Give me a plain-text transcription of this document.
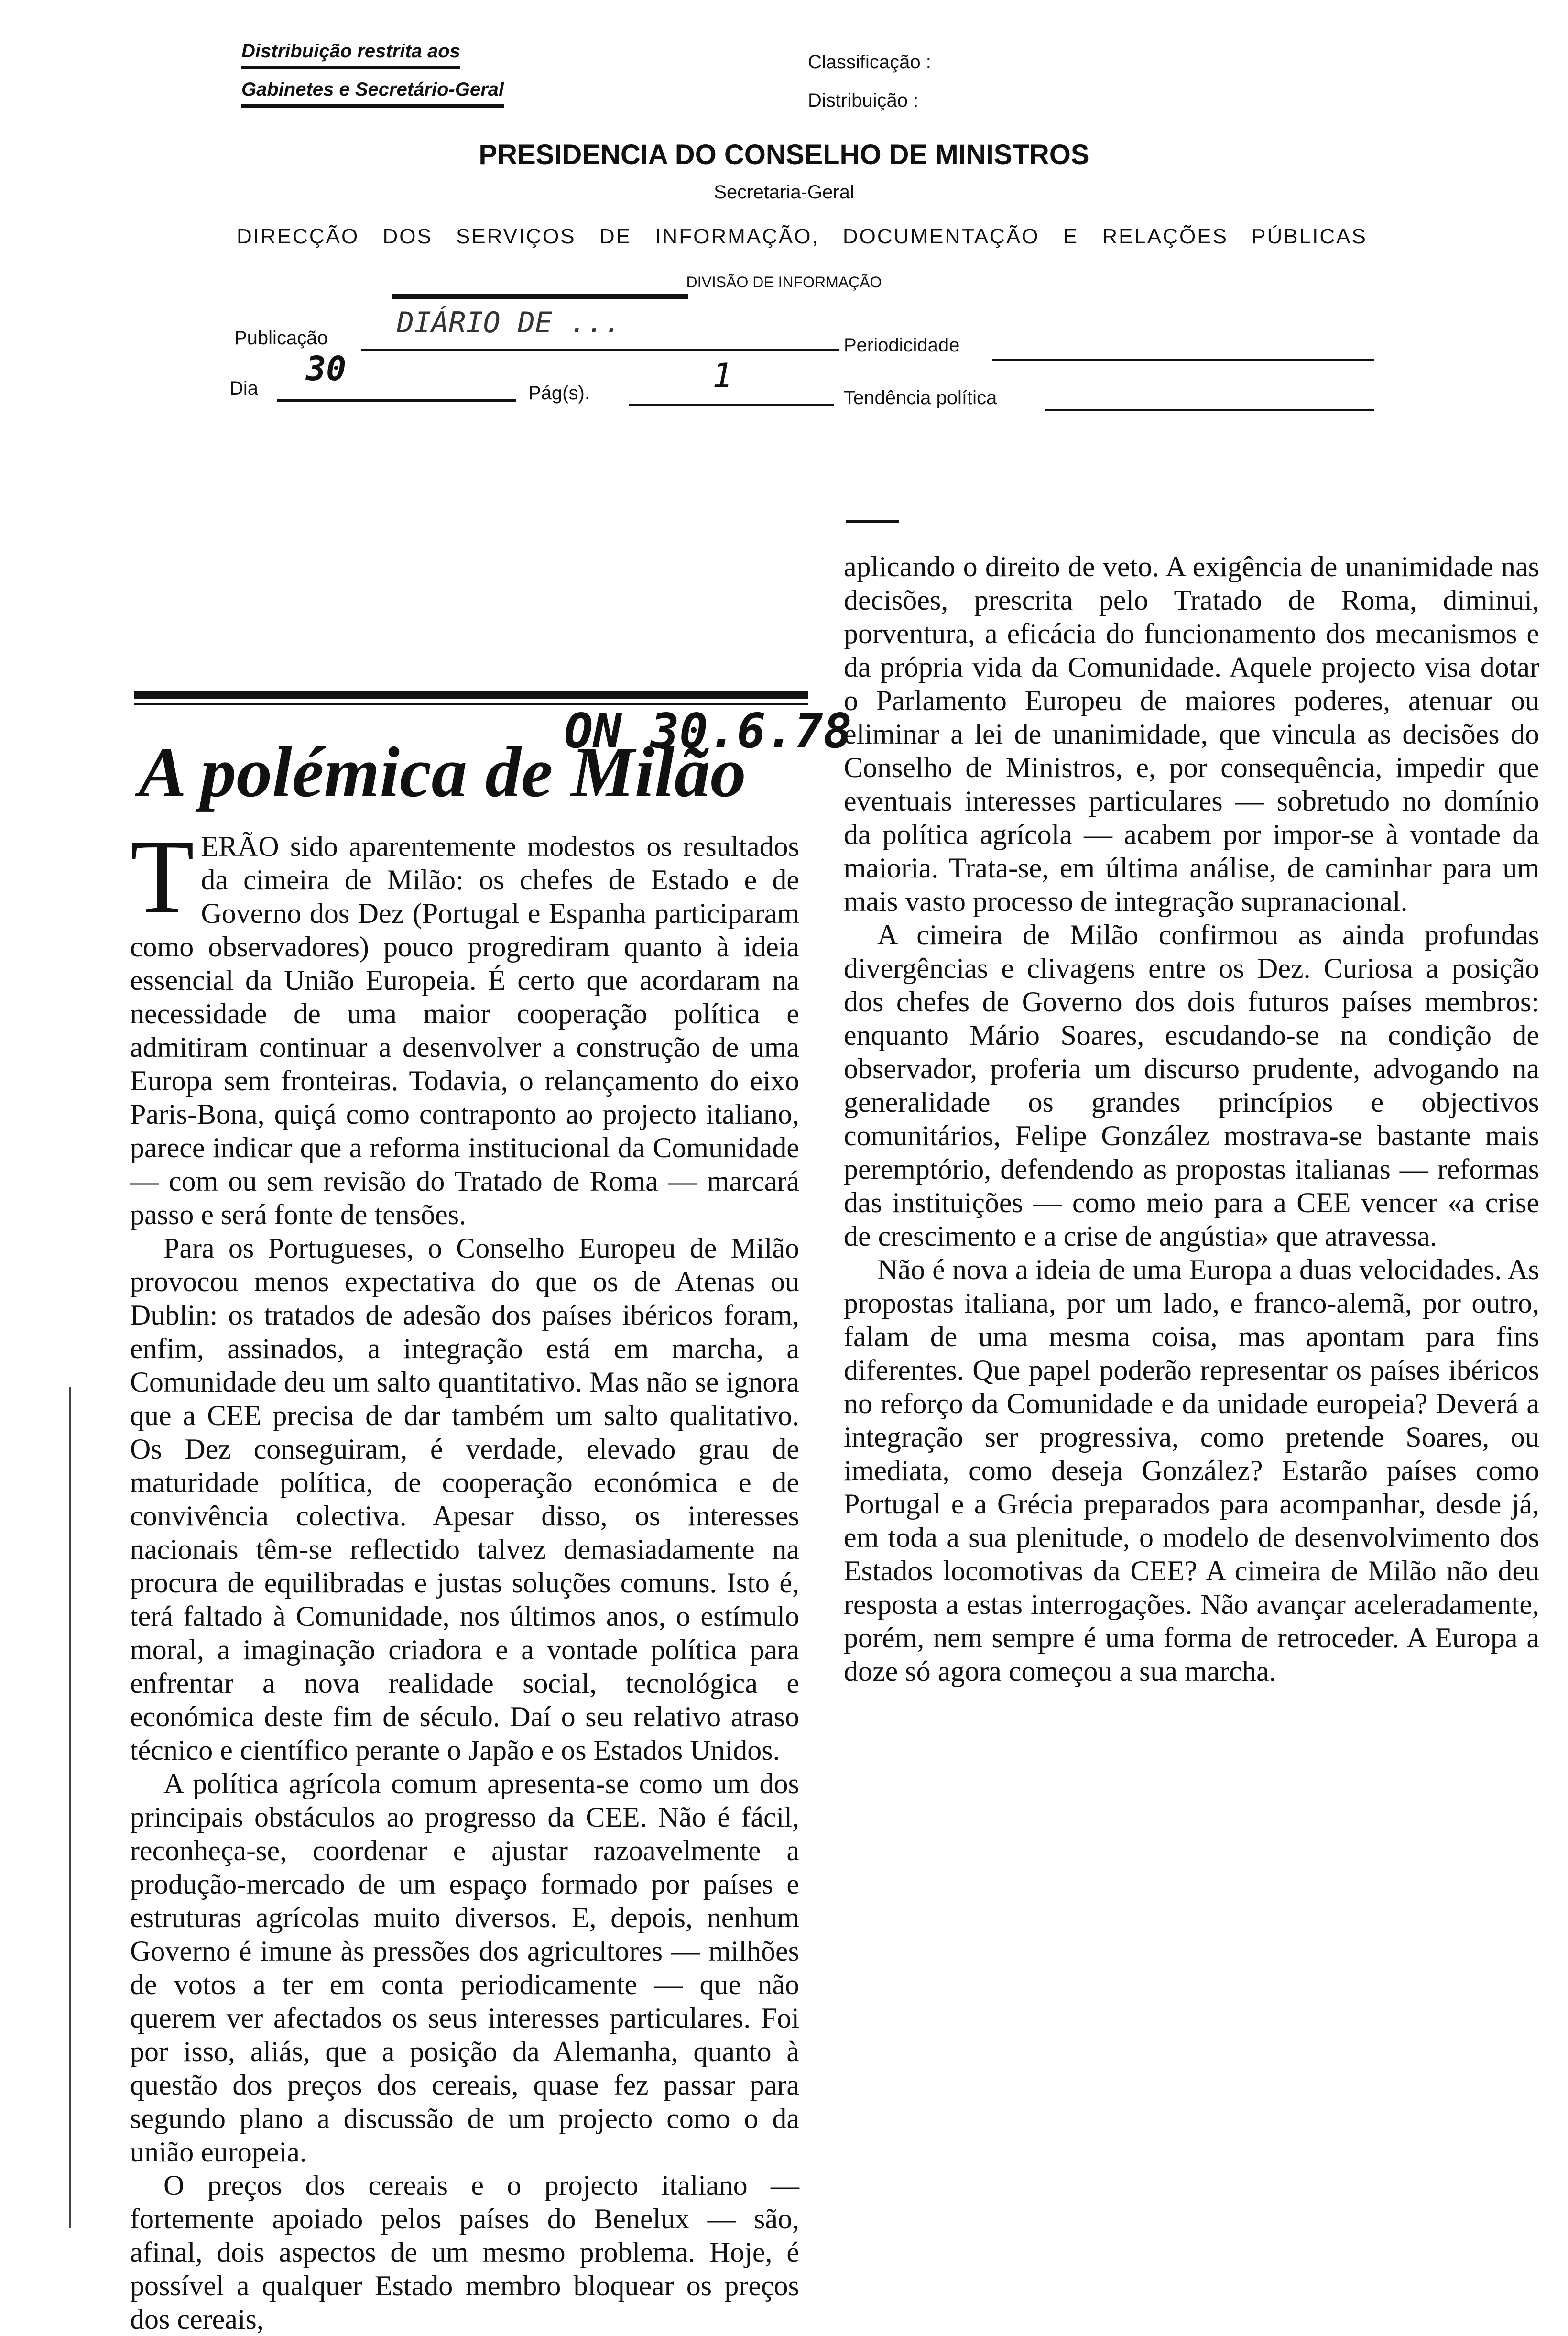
Distribuição restrita aos
Gabinetes e Secretário-Geral
Classificação :
Distribuição :
PRESIDENCIA DO CONSELHO DE MINISTROS
Secretaria-Geral
DIRECÇÃO DOS SERVIÇOS DE INFORMAÇÃO, DOCUMENTAÇÃO E RELAÇÕES PÚBLICAS
DIVISÃO DE INFORMAÇÃO
Publicação DIÁRIO DE ...
Periodicidade
Dia 30
Pág(s).	1
Tendência política
ON 30.6.78
A polémica de Milão

TERÃO sido aparentemente modestos os resultados da cimeira de Milão: os chefes de Estado e de Governo dos Dez (Portugal e Espanha participaram como observadores) pouco progrediram quanto à ideia essencial da União Europeia. É certo que acordaram na necessidade de uma maior cooperação política e admitiram continuar a desenvolver a construção de uma Europa sem fronteiras. Todavia, o relançamento do eixo Paris-Bona, quiçá como contraponto ao projecto italiano, parece indicar que a reforma institucional da Comunidade — com ou sem revisão do Tratado de Roma — marcará passo e será fonte de tensões.

Para os Portugueses, o Conselho Europeu de Milão provocou menos expectativa do que os de Atenas ou Dublin: os tratados de adesão dos países ibéricos foram, enfim, assinados, a integração está em marcha, a Comunidade deu um salto quantitativo. Mas não se ignora que a CEE precisa de dar também um salto qualitativo. Os Dez conseguiram, é verdade, elevado grau de maturidade política, de cooperação económica e de convivência colectiva. Apesar disso, os interesses nacionais têm-se reflectido talvez demasiadamente na procura de equilibradas e justas soluções comuns. Isto é, terá faltado à Comunidade, nos últimos anos, o estímulo moral, a imaginação criadora e a vontade política para enfrentar a nova realidade social, tecnológica e económica deste fim de século. Daí o seu relativo atraso técnico e científico perante o Japão e os Estados Unidos.

A política agrícola comum apresenta-se como um dos principais obstáculos ao progresso da CEE. Não é fácil, reconheça-se, coordenar e ajustar razoavelmente a produção-mercado de um espaço formado por países e estruturas agrícolas muito diversos. E, depois, nenhum Governo é imune às pressões dos agricultores — milhões de votos a ter em conta periodicamente — que não querem ver afectados os seus interesses particulares. Foi por isso, aliás, que a posição da Alemanha, quanto à questão dos preços dos cereais, quase fez passar para segundo plano a discussão de um projecto como o da união europeia.

O preços dos cereais e o projecto italiano — fortemente apoiado pelos países do Benelux — são, afinal, dois aspectos de um mesmo problema. Hoje, é possível a qualquer Estado membro bloquear os preços dos cereais,

aplicando o direito de veto. A exigência de unanimidade nas decisões, prescrita pelo Tratado de Roma, diminui, porventura, a eficácia do funcionamento dos mecanismos e da própria vida da Comunidade. Aquele projecto visa dotar o Parlamento Europeu de maiores poderes, atenuar ou eliminar a lei de unanimidade, que vincula as decisões do Conselho de Ministros, e, por consequência, impedir que eventuais interesses particulares — sobretudo no domínio da política agrícola — acabem por impor-se à vontade da maioria. Trata-se, em última análise, de caminhar para um mais vasto processo de integração supranacional.

A cimeira de Milão confirmou as ainda profundas divergências e clivagens entre os Dez. Curiosa a posição dos chefes de Governo dos dois futuros países membros: enquanto Mário Soares, escudando-se na condição de observador, proferia um discurso prudente, advogando na generalidade os grandes princípios e objectivos comunitários, Felipe González mostrava-se bastante mais peremptório, defendendo as propostas italianas — reformas das instituições — como meio para a CEE vencer «a crise de crescimento e a crise de angústia» que atravessa.

Não é nova a ideia de uma Europa a duas velocidades. As propostas italiana, por um lado, e franco-alemã, por outro, falam de uma mesma coisa, mas apontam para fins diferentes. Que papel poderão representar os países ibéricos no reforço da Comunidade e da unidade europeia? Deverá a integração ser progressiva, como pretende Soares, ou imediata, como deseja González? Estarão países como Portugal e a Grécia preparados para acompanhar, desde já, em toda a sua plenitude, o modelo de desenvolvimento dos Estados locomotivas da CEE? A cimeira de Milão não deu resposta a estas interrogações. Não avançar aceleradamente, porém, nem sempre é uma forma de retroceder. A Europa a doze só agora começou a sua marcha.
